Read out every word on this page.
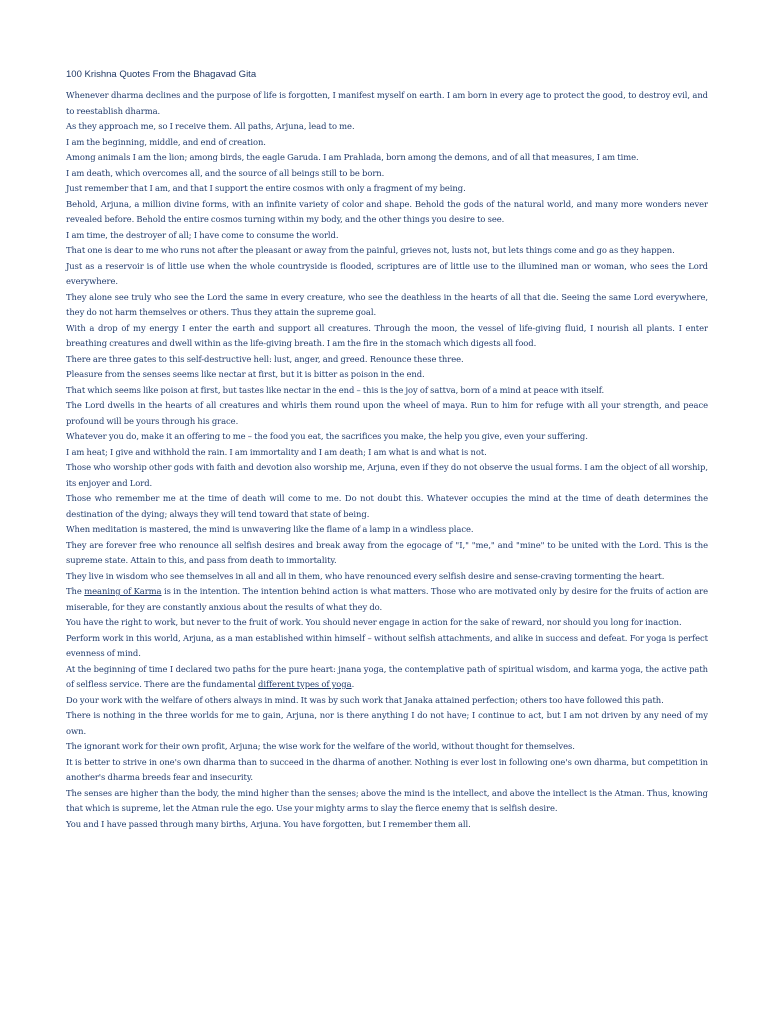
100 Krishna Quotes From the Bhagavad Gita

Whenever dharma declines and the purpose of life is forgotten, I manifest myself on earth. I am born in every age to protect the good, to destroy evil, and to reestablish dharma.

As they approach me, so I receive them. All paths, Arjuna, lead to me.

I am the beginning, middle, and end of creation.

Among animals I am the lion; among birds, the eagle Garuda. I am Prahlada, born among the demons, and of all that measures, I am time.

I am death, which overcomes all, and the source of all beings still to be born.

Just remember that I am, and that I support the entire cosmos with only a fragment of my being.

Behold, Arjuna, a million divine forms, with an infinite variety of color and shape. Behold the gods of the natural world, and many more wonders never revealed before. Behold the entire cosmos turning within my body, and the other things you desire to see.

I am time, the destroyer of all; I have come to consume the world.

That one is dear to me who runs not after the pleasant or away from the painful, grieves not, lusts not, but lets things come and go as they happen.

Just as a reservoir is of little use when the whole countryside is flooded, scriptures are of little use to the illumined man or woman, who sees the Lord everywhere.

They alone see truly who see the Lord the same in every creature, who see the deathless in the hearts of all that die. Seeing the same Lord everywhere, they do not harm themselves or others. Thus they attain the supreme goal.

With a drop of my energy I enter the earth and support all creatures. Through the moon, the vessel of life-giving fluid, I nourish all plants. I enter breathing creatures and dwell within as the life-giving breath. I am the fire in the stomach which digests all food.

There are three gates to this self-destructive hell: lust, anger, and greed. Renounce these three.

Pleasure from the senses seems like nectar at first, but it is bitter as poison in the end.

That which seems like poison at first, but tastes like nectar in the end – this is the joy of sattva, born of a mind at peace with itself.

The Lord dwells in the hearts of all creatures and whirls them round upon the wheel of maya. Run to him for refuge with all your strength, and peace profound will be yours through his grace.

Whatever you do, make it an offering to me – the food you eat, the sacrifices you make, the help you give, even your suffering.

I am heat; I give and withhold the rain. I am immortality and I am death; I am what is and what is not.

Those who worship other gods with faith and devotion also worship me, Arjuna, even if they do not observe the usual forms. I am the object of all worship, its enjoyer and Lord.

Those who remember me at the time of death will come to me. Do not doubt this. Whatever occupies the mind at the time of death determines the destination of the dying; always they will tend toward that state of being.

When meditation is mastered, the mind is unwavering like the flame of a lamp in a windless place.

They are forever free who renounce all selfish desires and break away from the egocage of "I," "me," and "mine" to be united with the Lord. This is the supreme state. Attain to this, and pass from death to immortality.

They live in wisdom who see themselves in all and all in them, who have renounced every selfish desire and sense-craving tormenting the heart.

The meaning of Karma is in the intention. The intention behind action is what matters. Those who are motivated only by desire for the fruits of action are miserable, for they are constantly anxious about the results of what they do.

You have the right to work, but never to the fruit of work. You should never engage in action for the sake of reward, nor should you long for inaction.

Perform work in this world, Arjuna, as a man established within himself – without selfish attachments, and alike in success and defeat. For yoga is perfect evenness of mind.

At the beginning of time I declared two paths for the pure heart: jnana yoga, the contemplative path of spiritual wisdom, and karma yoga, the active path of selfless service. There are the fundamental different types of yoga.

Do your work with the welfare of others always in mind. It was by such work that Janaka attained perfection; others too have followed this path.

There is nothing in the three worlds for me to gain, Arjuna, nor is there anything I do not have; I continue to act, but I am not driven by any need of my own.

The ignorant work for their own profit, Arjuna; the wise work for the welfare of the world, without thought for themselves.

It is better to strive in one's own dharma than to succeed in the dharma of another. Nothing is ever lost in following one's own dharma, but competition in another's dharma breeds fear and insecurity.

The senses are higher than the body, the mind higher than the senses; above the mind is the intellect, and above the intellect is the Atman. Thus, knowing that which is supreme, let the Atman rule the ego. Use your mighty arms to slay the fierce enemy that is selfish desire.

You and I have passed through many births, Arjuna. You have forgotten, but I remember them all.
